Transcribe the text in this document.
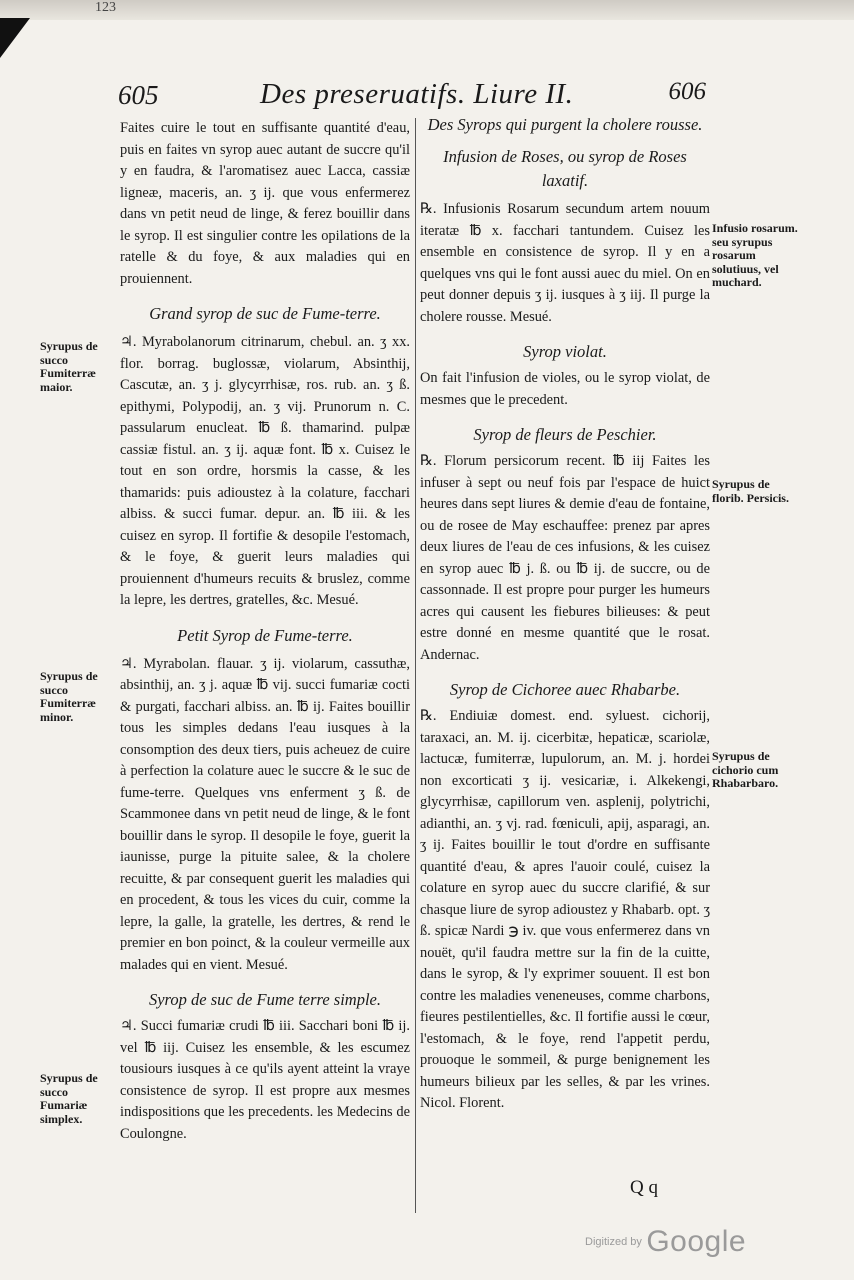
123
605	Des preseruatifs. Liure II.	606

Faites cuire le tout en suffisante quantité d'eau, puis en faites vn syrop auec autant de succre qu'il y en faudra, & l'aromatisez auec Lacca, cassiæ ligneæ, maceris, an. ʒ ij. que vous enfermerez dans vn petit neud de linge, & ferez bouillir dans le syrop. Il est singulier contre les opilations de la ratelle & du foye, & aux maladies qui en prouiennent.

Grand syrop de suc de Fume-terre.

♃. Myrabolanorum citrinarum, chebul. an. ʒ xx. flor. borrag. buglossæ, violarum, Absinthij, Cascutæ, an. ʒ j. glycyrrhisæ, ros. rub. an. ʒ ß. epithymi, Polypodij, an. ʒ vij. Prunorum n. C. passularum enucleat. ℔ ß. thamarind. pulpæ cassiæ fistul. an. ʒ ij. aquæ font. ℔ x. Cuisez le tout en son ordre, horsmis la casse, & les thamarids: puis adioustez à la colature, facchari albiss. & succi fumar. depur. an. ℔ iii. & les cuisez en syrop. Il fortifie & desopile l'estomach, & le foye, & guerit leurs maladies qui prouiennent d'humeurs recuits & bruslez, comme la lepre, les dertres, gratelles, &c. Mesué.

Petit Syrop de Fume-terre.

♃. Myrabolan. flauar. ʒ ij. violarum, cassuthæ, absinthij, an. ʒ j. aquæ ℔ vij. succi fumariæ cocti & purgati, facchari albiss. an. ℔ ij. Faites bouillir tous les simples dedans l'eau iusques à la consomption des deux tiers, puis acheuez de cuire à perfection la colature auec le succre & le suc de fume-terre. Quelques vns enferment ʒ ß. de Scammonee dans vn petit neud de linge, & le font bouillir dans le syrop. Il desopile le foye, guerit la iaunisse, purge la pituite salee, & la cholere recuitte, & par consequent guerit les maladies qui en procedent, & tous les vices du cuir, comme la lepre, la galle, la gratelle, les dertres, & rend le premier en bon poinct, & la couleur vermeille aux malades qui en vient. Mesué.

Syrop de suc de Fume terre simple.

♃. Succi fumariæ crudi ℔ iii. Sacchari boni ℔ ij. vel ℔ iij. Cuisez les ensemble, & les escumez tousiours iusques à ce qu'ils ayent atteint la vraye consistence de syrop. Il est propre aux mesmes indispositions que les precedents. les Medecins de Coulongne.

Syrupus de succo Fumiterræ maior.
Syrupus de succo Fumiterræ minor.
Syrupus de succo Fumariæ simplex.
Des Syrops qui purgent la cholere rousse.
Infusion de Roses, ou syrop de Roses laxatif.

℞. Infusionis Rosarum secundum artem nouum iteratæ ℔ x. facchari tantundem. Cuisez les ensemble en consistence de syrop. Il y en a quelques vns qui le font aussi auec du miel. On en peut donner depuis ʒ ij. iusques à ʒ iij. Il purge la cholere rousse. Mesué.

Syrop violat.

On fait l'infusion de violes, ou le syrop violat, de mesmes que le precedent.

Syrop de fleurs de Peschier.

℞. Florum persicorum recent. ℔ iij Faites les infuser à sept ou neuf fois par l'espace de huict heures dans sept liures & demie d'eau de fontaine, ou de rosee de May eschauffee: prenez par apres deux liures de l'eau de ces infusions, & les cuisez en syrop auec ℔ j. ß. ou ℔ ij. de succre, ou de cassonnade. Il est propre pour purger les humeurs acres qui causent les fiebures bilieuses: & peut estre donné en mesme quantité que le rosat. Andernac.

Syrop de Cichoree auec Rhabarbe.

℞. Endiuiæ domest. end. syluest. cichorij, taraxaci, an. M. ij. cicerbitæ, hepaticæ, scariolæ, lactucæ, fumiterræ, lupulorum, an. M. j. hordei non excorticati ʒ ij. vesicariæ, i. Alkekengi, glycyrrhisæ, capillorum ven. asplenij, polytrichi, adianthi, an. ʒ vj. rad. fœniculi, apij, asparagi, an. ʒ ij. Faites bouillir le tout d'ordre en suffisante quantité d'eau, & apres l'auoir coulé, cuisez la colature en syrop auec du succre clarifié, & sur chasque liure de syrop adioustez y Rhabarb. opt. ʒ ß. spicæ Nardi ℈ iv. que vous enfermerez dans vn nouët, qu'il faudra mettre sur la fin de la cuitte, dans le syrop, & l'y exprimer souuent. Il est bon contre les maladies veneneuses, comme charbons, fieures pestilentielles, &c. Il fortifie aussi le cœur, l'estomach, & le foye, rend l'appetit perdu, prouoque le sommeil, & purge benignement les humeurs bilieux par les selles, & par les vrines. Nicol. Florent.

Infusio rosarum. seu syrupus rosarum solutiuus, vel muchard.
Syrupus de florib. Persicis.
Syrupus de cichorio cum Rhabarbaro.
Q q
Digitized by Google
